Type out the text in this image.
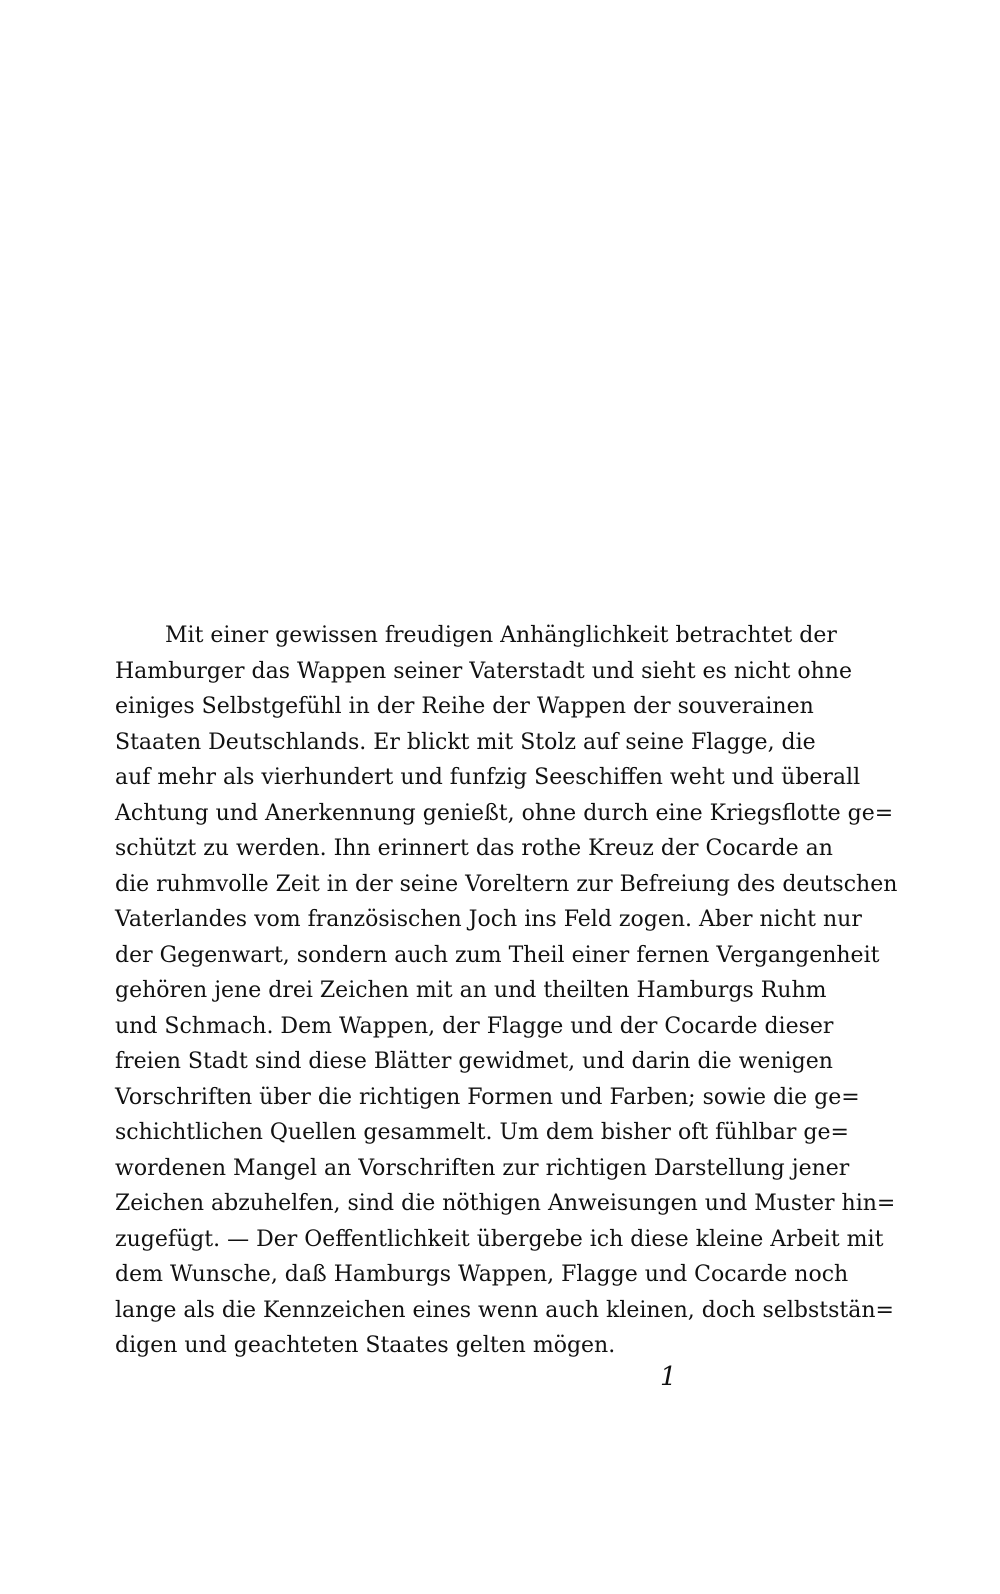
Mit einer gewissen freudigen Anhänglichkeit betrachtet der
Hamburger das Wappen seiner Vaterstadt und sieht es nicht ohne
einiges Selbstgefühl in der Reihe der Wappen der souverainen
Staaten Deutschlands. Er blickt mit Stolz auf seine Flagge, die
auf mehr als vierhundert und funfzig Seeschiffen weht und überall
Achtung und Anerkennung genießt, ohne durch eine Kriegsflotte ge=
schützt zu werden. Ihn erinnert das rothe Kreuz der Cocarde an
die ruhmvolle Zeit in der seine Voreltern zur Befreiung des deutschen
Vaterlandes vom französischen Joch ins Feld zogen. Aber nicht nur
der Gegenwart, sondern auch zum Theil einer fernen Vergangenheit
gehören jene drei Zeichen mit an und theilten Hamburgs Ruhm
und Schmach. Dem Wappen, der Flagge und der Cocarde dieser
freien Stadt sind diese Blätter gewidmet, und darin die wenigen
Vorschriften über die richtigen Formen und Farben; sowie die ge=
schichtlichen Quellen gesammelt. Um dem bisher oft fühlbar ge=
wordenen Mangel an Vorschriften zur richtigen Darstellung jener
Zeichen abzuhelfen, sind die nöthigen Anweisungen und Muster hin=
zugefügt. — Der Oeffentlichkeit übergebe ich diese kleine Arbeit mit
dem Wunsche, daß Hamburgs Wappen, Flagge und Cocarde noch
lange als die Kennzeichen eines wenn auch kleinen, doch selbststän=
digen und geachteten Staates gelten mögen.
1
